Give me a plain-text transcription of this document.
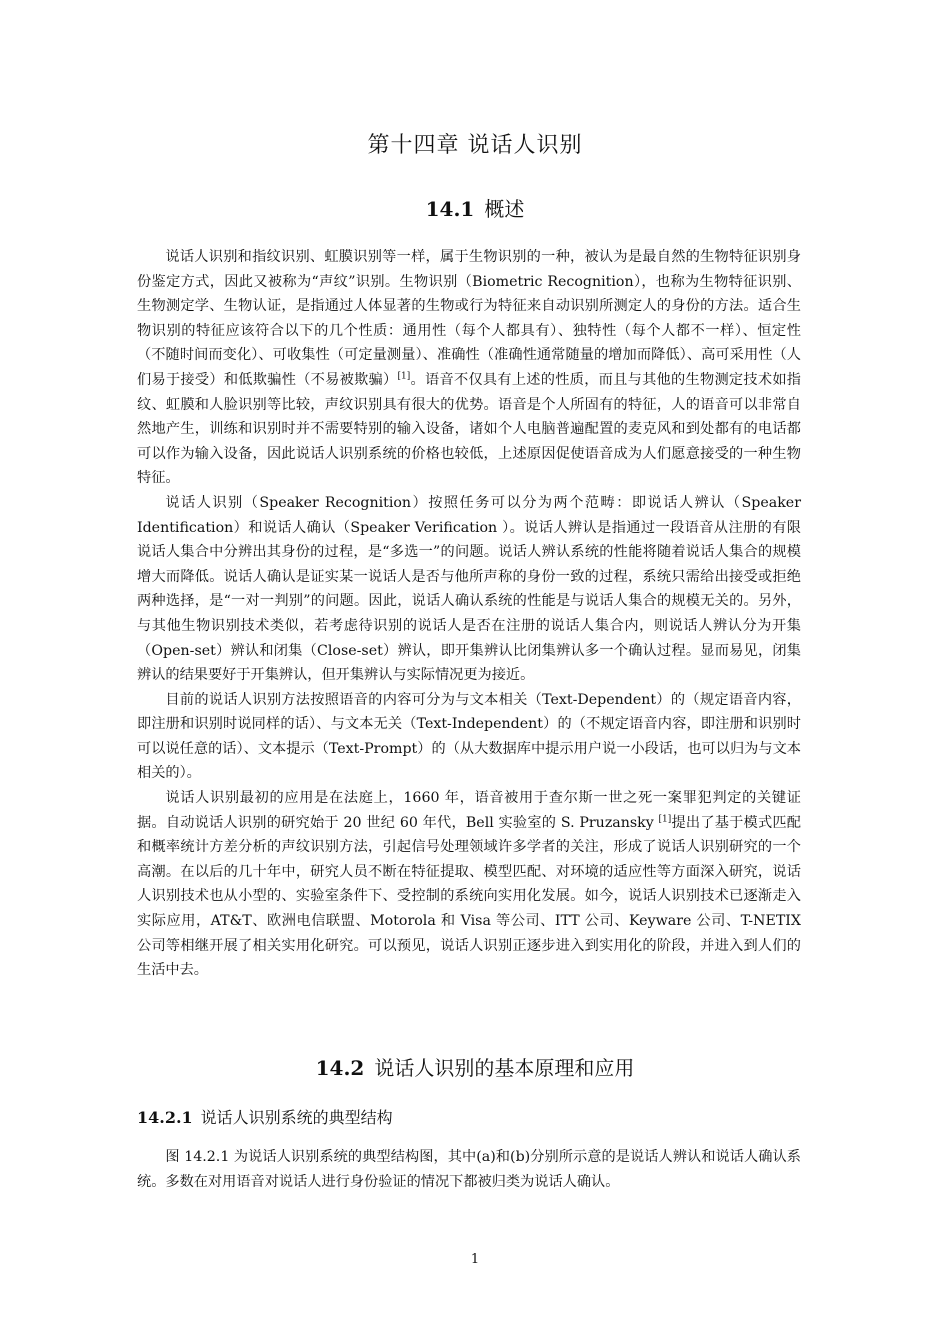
第十四章 说话人识别
14.1 概述

说话人识别和指纹识别、虹膜识别等一样，属于生物识别的一种，被认为是最自然的生物特征识别身份鉴定方式，因此又被称为“声纹”识别。生物识别（Biometric Recognition），也称为生物特征识别、生物测定学、生物认证，是指通过人体显著的生物或行为特征来自动识别所测定人的身份的方法。适合生物识别的特征应该符合以下的几个性质：通用性（每个人都具有）、独特性（每个人都不一样）、恒定性（不随时间而变化）、可收集性（可定量测量）、准确性（准确性通常随量的增加而降低）、高可采用性（人们易于接受）和低欺骗性（不易被欺骗）[1]。语音不仅具有上述的性质，而且与其他的生物测定技术如指纹、虹膜和人脸识别等比较，声纹识别具有很大的优势。语音是个人所固有的特征，人的语音可以非常自然地产生，训练和识别时并不需要特别的输入设备，诸如个人电脑普遍配置的麦克风和到处都有的电话都可以作为输入设备，因此说话人识别系统的价格也较低，上述原因促使语音成为人们愿意接受的一种生物特征。

说话人识别（Speaker Recognition）按照任务可以分为两个范畴：即说话人辨认（Speaker Identification）和说话人确认（Speaker Verification ）。说话人辨认是指通过一段语音从注册的有限说话人集合中分辨出其身份的过程，是“多选一”的问题。说话人辨认系统的性能将随着说话人集合的规模增大而降低。说话人确认是证实某一说话人是否与他所声称的身份一致的过程，系统只需给出接受或拒绝两种选择，是“一对一判别”的问题。因此，说话人确认系统的性能是与说话人集合的规模无关的。另外，与其他生物识别技术类似，若考虑待识别的说话人是否在注册的说话人集合内，则说话人辨认分为开集（Open-set）辨认和闭集（Close-set）辨认，即开集辨认比闭集辨认多一个确认过程。显而易见，闭集辨认的结果要好于开集辨认，但开集辨认与实际情况更为接近。

目前的说话人识别方法按照语音的内容可分为与文本相关（Text-Dependent）的（规定语音内容，即注册和识别时说同样的话）、与文本无关（Text-Independent）的（不规定语音内容，即注册和识别时可以说任意的话）、文本提示（Text-Prompt）的（从大数据库中提示用户说一小段话，也可以归为与文本相关的）。

说话人识别最初的应用是在法庭上，1660 年，语音被用于查尔斯一世之死一案罪犯判定的关键证据。自动说话人识别的研究始于 20 世纪 60 年代，Bell 实验室的 S. Pruzansky [1]提出了基于模式匹配和概率统计方差分析的声纹识别方法，引起信号处理领域许多学者的关注，形成了说话人识别研究的一个高潮。在以后的几十年中，研究人员不断在特征提取、模型匹配、对环境的适应性等方面深入研究，说话人识别技术也从小型的、实验室条件下、受控制的系统向实用化发展。如今，说话人识别技术已逐渐走入实际应用，AT&T、欧洲电信联盟、Motorola 和 Visa 等公司、ITT 公司、Keyware 公司、T-NETIX 公司等相继开展了相关实用化研究。可以预见，说话人识别正逐步进入到实用化的阶段，并进入到人们的生活中去。

14.2 说话人识别的基本原理和应用
14.2.1 说话人识别系统的典型结构

图 14.2.1 为说话人识别系统的典型结构图，其中(a)和(b)分别所示意的是说话人辨认和说话人确认系统。多数在对用语音对说话人进行身份验证的情况下都被归类为说话人确认。

1
